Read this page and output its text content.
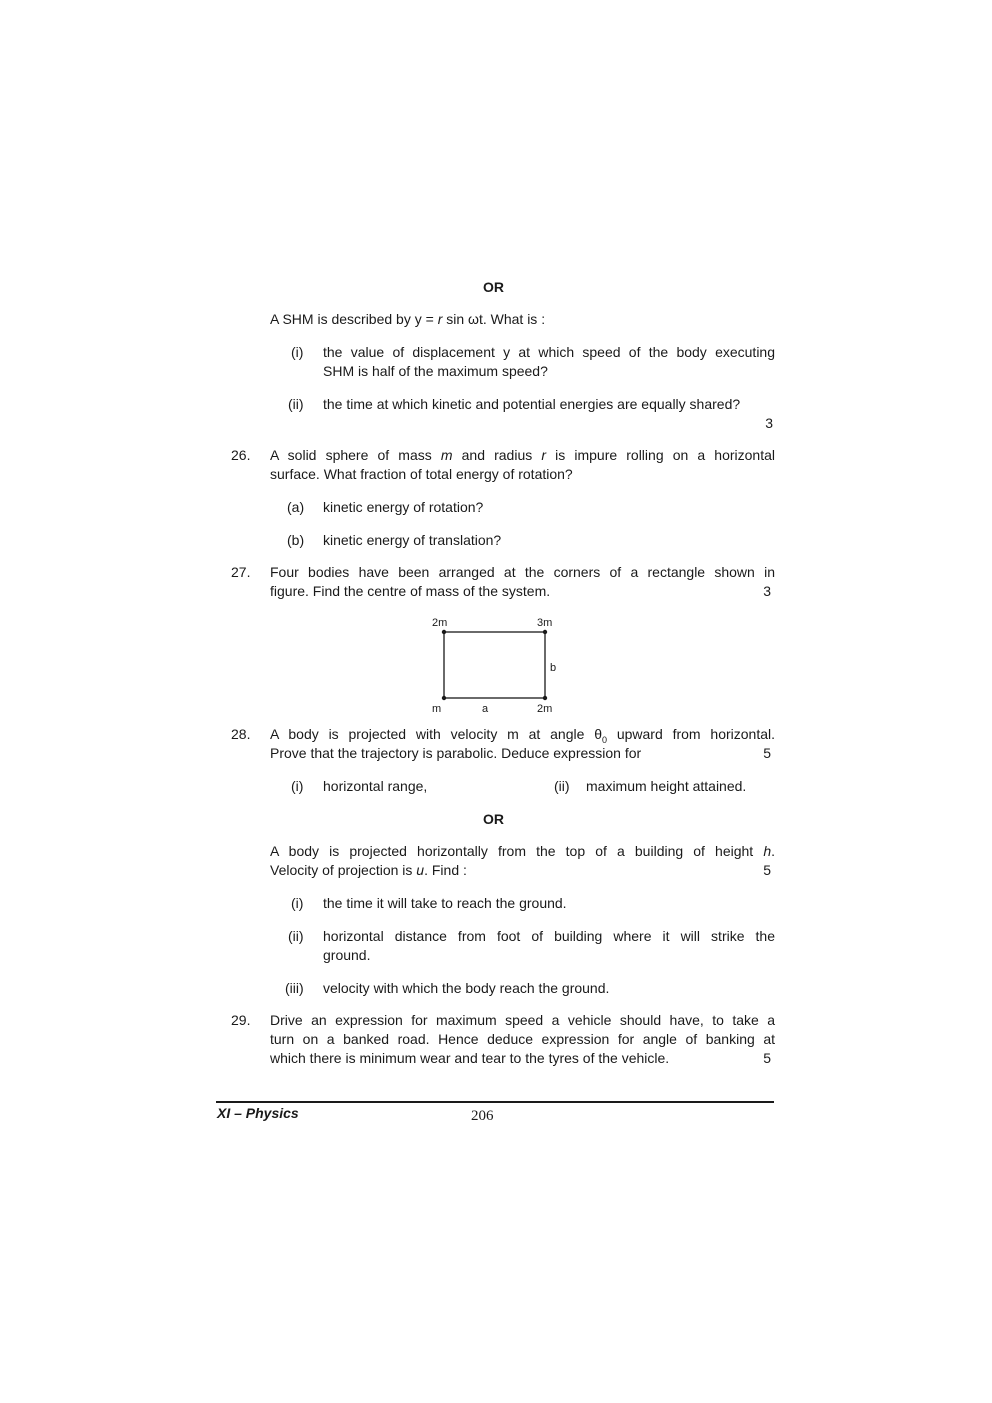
OR
A SHM is described by y = r sin ωt. What is :
(i) the value of displacement y at which speed of the body executing
SHM is half of the maximum speed?
(ii) the time at which kinetic and potential energies are equally shared?
3
26. A solid sphere of mass m and radius r is impure rolling on a horizontal
surface. What fraction of total energy of rotation?
(a) kinetic energy of rotation?
(b) kinetic energy of translation?
27. Four bodies have been arranged at the corners of a rectangle shown in
figure. Find the centre of mass of the system.	3
2m	3m
m	2m
b
a
28. A body is projected with velocity m at angle $\theta_0$ upward from horizontal.
Prove that the trajectory is parabolic. Deduce expression for	5
(i) horizontal range,	(ii) maximum height attained.
OR
A body is projected horizontally from the top of a building of height h.
Velocity of projection is u. Find :	5
(i) the time it will take to reach the ground.
(ii) horizontal distance from foot of building where it will strike the
ground.
(iii) velocity with which the body reach the ground.
29. Drive an expression for maximum speed a vehicle should have, to take a
turn on a banked road. Hence deduce expression for angle of banking at
which there is minimum wear and tear to the tyres of the vehicle.	5
XI – Physics	206
